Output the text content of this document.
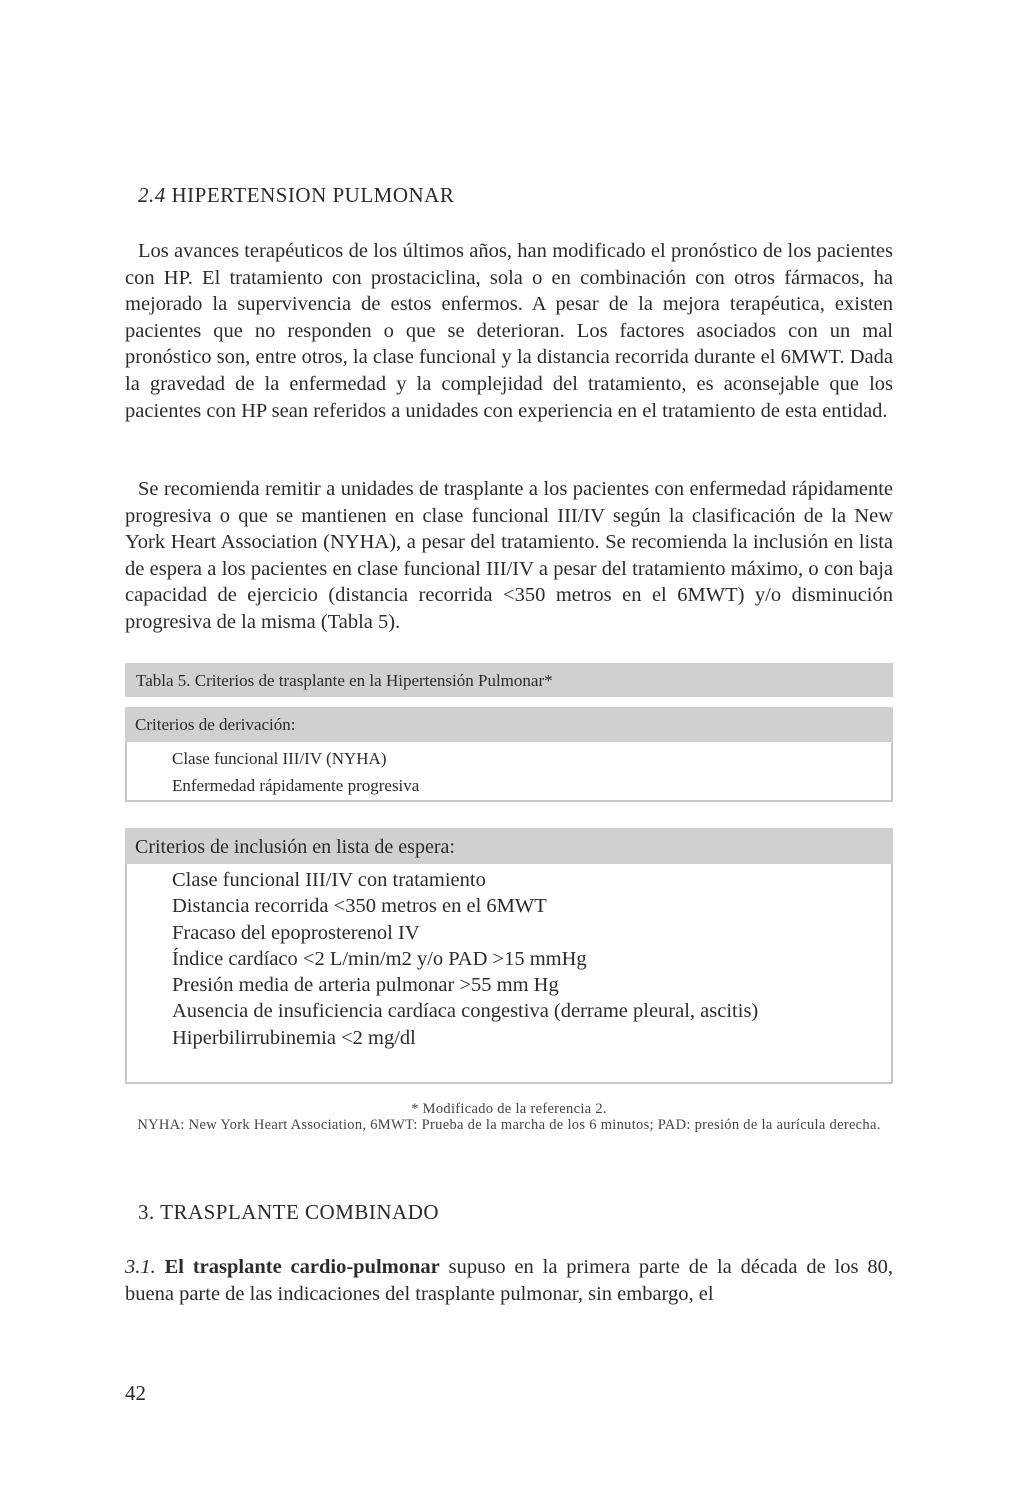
2.4 HIPERTENSION PULMONAR

Los avances terapéuticos de los últimos años, han modificado el pronóstico de los pacientes con HP. El tratamiento con prostaciclina, sola o en combinación con otros fármacos, ha mejorado la supervivencia de estos enfermos. A pesar de la mejora terapéutica, existen pacientes que no responden o que se deterioran. Los factores asociados con un mal pronóstico son, entre otros, la clase funcional y la distancia recorrida durante el 6MWT. Dada la gravedad de la enfermedad y la complejidad del tratamiento, es aconsejable que los pacientes con HP sean referidos a unidades con experiencia en el tratamiento de esta entidad.

Se recomienda remitir a unidades de trasplante a los pacientes con enfermedad rápidamente progresiva o que se mantienen en clase funcional III/IV según la clasificación de la New York Heart Association (NYHA), a pesar del tratamiento. Se recomienda la inclusión en lista de espera a los pacientes en clase funcional III/IV a pesar del tratamiento máximo, o con baja capacidad de ejercicio (distancia recorrida <350 metros en el 6MWT) y/o disminución progresiva de la misma (Tabla 5).

Tabla 5. Criterios de trasplante en la Hipertensión Pulmonar*
Criterios de derivación:
Clase funcional III/IV (NYHA)
Enfermedad rápidamente progresiva
Criterios de inclusión en lista de espera:
Clase funcional III/IV con tratamiento
Distancia recorrida <350 metros en el 6MWT
Fracaso del epoprosterenol IV
Índice cardíaco <2 L/min/m2 y/o PAD >15 mmHg
Presión media de arteria pulmonar >55 mm Hg
Ausencia de insuficiencia cardíaca congestiva (derrame pleural, ascitis)
Hiperbilirrubinemia <2 mg/dl
* Modificado de la referencia 2.
NYHA: New York Heart Association, 6MWT: Prueba de la marcha de los 6 minutos; PAD: presión de la aurícula derecha.
3. TRASPLANTE COMBINADO

3.1. El trasplante cardio-pulmonar supuso en la primera parte de la década de los 80, buena parte de las indicaciones del trasplante pulmonar, sin embargo, el

42
